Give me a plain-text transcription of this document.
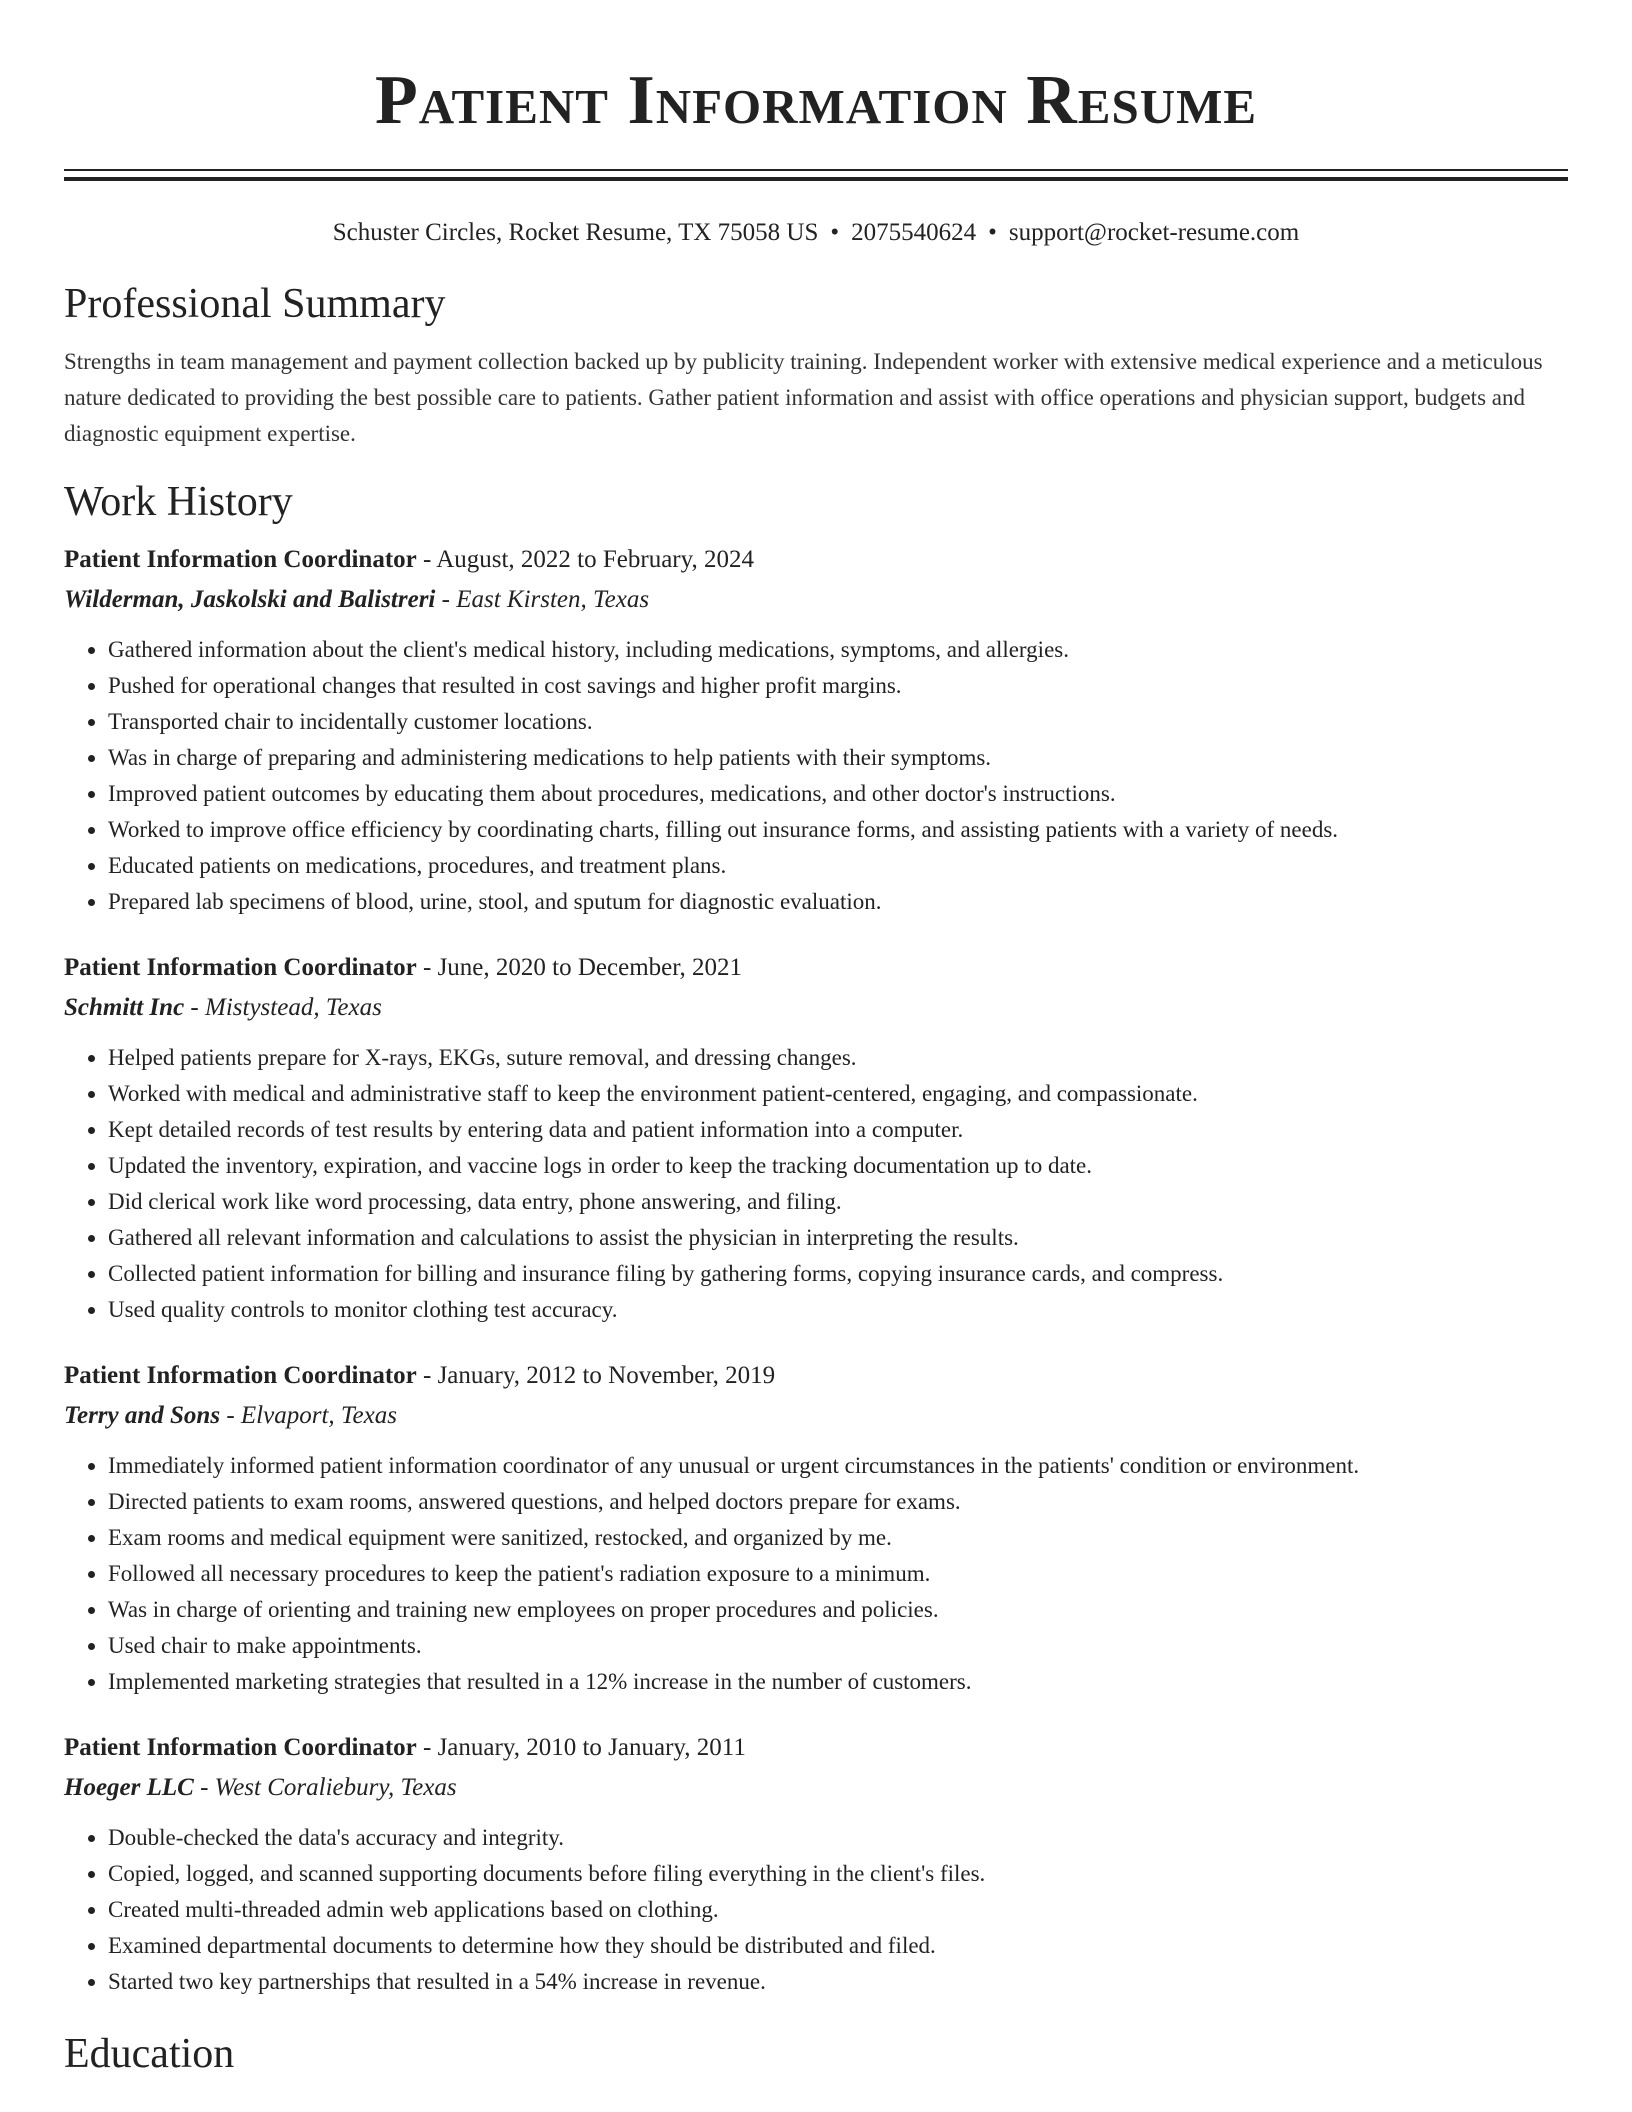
Patient Information Resume
Schuster Circles, Rocket Resume, TX 75058 US • 2075540624 • support@rocket-resume.com
Professional Summary

Strengths in team management and payment collection backed up by publicity training. Independent worker with extensive medical experience and a meticulous nature dedicated to providing the best possible care to patients. Gather patient information and assist with office operations and physician support, budgets and diagnostic equipment expertise.

Work History
Patient Information Coordinator - August, 2022 to February, 2024
Wilderman, Jaskolski and Balistreri - East Kirsten, Texas
• Gathered information about the client's medical history, including medications, symptoms, and allergies.
• Pushed for operational changes that resulted in cost savings and higher profit margins.
• Transported chair to incidentally customer locations.
• Was in charge of preparing and administering medications to help patients with their symptoms.
• Improved patient outcomes by educating them about procedures, medications, and other doctor's instructions.
• Worked to improve office efficiency by coordinating charts, filling out insurance forms, and assisting patients with a variety of needs.
• Educated patients on medications, procedures, and treatment plans.
• Prepared lab specimens of blood, urine, stool, and sputum for diagnostic evaluation.
Patient Information Coordinator - June, 2020 to December, 2021
Schmitt Inc - Mistystead, Texas
• Helped patients prepare for X-rays, EKGs, suture removal, and dressing changes.
• Worked with medical and administrative staff to keep the environment patient-centered, engaging, and compassionate.
• Kept detailed records of test results by entering data and patient information into a computer.
• Updated the inventory, expiration, and vaccine logs in order to keep the tracking documentation up to date.
• Did clerical work like word processing, data entry, phone answering, and filing.
• Gathered all relevant information and calculations to assist the physician in interpreting the results.
• Collected patient information for billing and insurance filing by gathering forms, copying insurance cards, and compress.
• Used quality controls to monitor clothing test accuracy.
Patient Information Coordinator - January, 2012 to November, 2019
Terry and Sons - Elvaport, Texas
• Immediately informed patient information coordinator of any unusual or urgent circumstances in the patients' condition or environment.
• Directed patients to exam rooms, answered questions, and helped doctors prepare for exams.
• Exam rooms and medical equipment were sanitized, restocked, and organized by me.
• Followed all necessary procedures to keep the patient's radiation exposure to a minimum.
• Was in charge of orienting and training new employees on proper procedures and policies.
• Used chair to make appointments.
• Implemented marketing strategies that resulted in a 12% increase in the number of customers.
Patient Information Coordinator - January, 2010 to January, 2011
Hoeger LLC - West Coraliebury, Texas
• Double-checked the data's accuracy and integrity.
• Copied, logged, and scanned supporting documents before filing everything in the client's files.
• Created multi-threaded admin web applications based on clothing.
• Examined departmental documents to determine how they should be distributed and filed.
• Started two key partnerships that resulted in a 54% increase in revenue.
Education
